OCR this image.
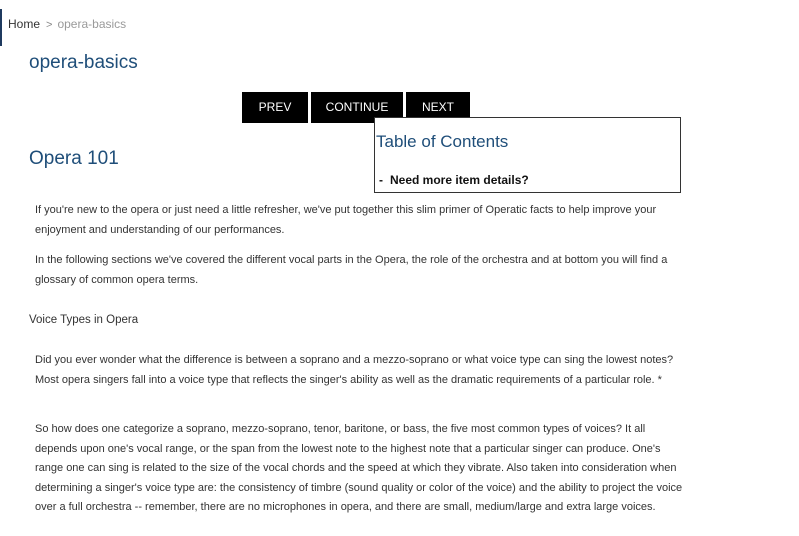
Home > opera-basics
opera-basics
PREV	CONTINUE	NEXT
Table of Contents
- Need more item details?
Opera 101

If you're new to the opera or just need a little refresher, we've put together this slim primer of Operatic facts to help improve your enjoyment and understanding of our performances.

In the following sections we've covered the different vocal parts in the Opera, the role of the orchestra and at bottom you will find a glossary of common opera terms.

Voice Types in Opera

Did you ever wonder what the difference is between a soprano and a mezzo-soprano or what voice type can sing the lowest notes? Most opera singers fall into a voice type that reflects the singer's ability as well as the dramatic requirements of a particular role. *

So how does one categorize a soprano, mezzo-soprano, tenor, baritone, or bass, the five most common types of voices? It all depends upon one's vocal range, or the span from the lowest note to the highest note that a particular singer can produce. One's range one can sing is related to the size of the vocal chords and the speed at which they vibrate. Also taken into consideration when determining a singer's voice type are: the consistency of timbre (sound quality or color of the voice) and the ability to project the voice over a full orchestra -- remember, there are no microphones in opera, and there are small, medium/large and extra large voices.
